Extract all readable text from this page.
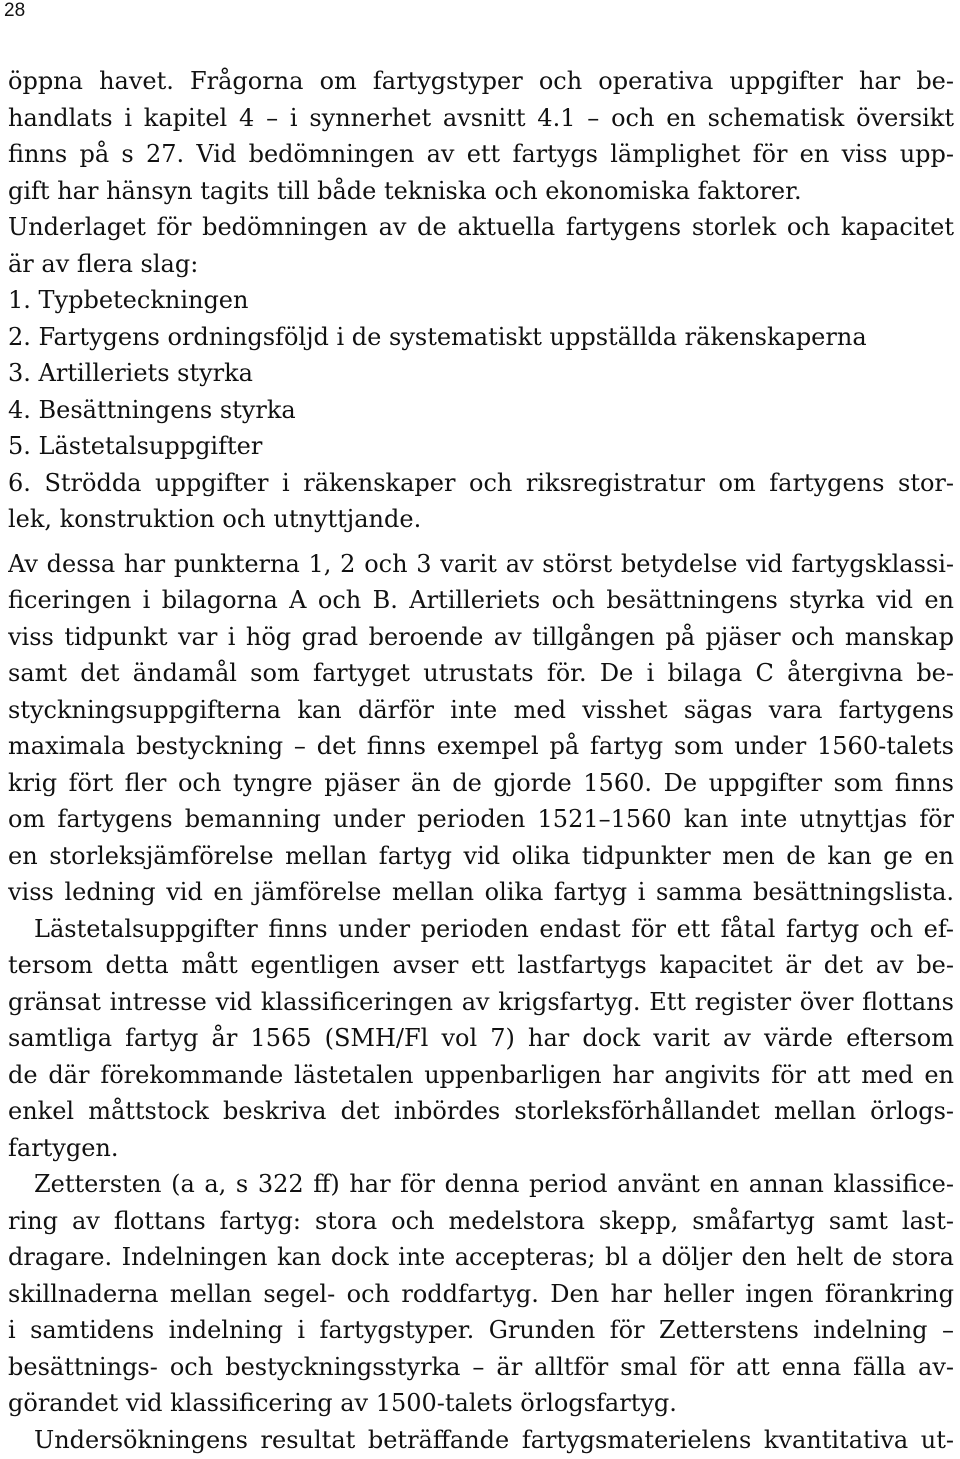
28
öppna havet. Frågorna om fartygstyper och operativa uppgifter har be-
handlats i kapitel 4 – i synnerhet avsnitt 4.1 – och en schematisk översikt
finns på s 27. Vid bedömningen av ett fartygs lämplighet för en viss upp-
gift har hänsyn tagits till både tekniska och ekonomiska faktorer.
Underlaget för bedömningen av de aktuella fartygens storlek och kapacitet
är av flera slag:
1. Typbeteckningen
2. Fartygens ordningsföljd i de systematiskt uppställda räkenskaperna
3. Artilleriets styrka
4. Besättningens styrka
5. Lästetalsuppgifter
6. Strödda uppgifter i räkenskaper och riksregistratur om fartygens stor-
lek, konstruktion och utnyttjande.
Av dessa har punkterna 1, 2 och 3 varit av störst betydelse vid fartygsklassi-
ficeringen i bilagorna A och B. Artilleriets och besättningens styrka vid en
viss tidpunkt var i hög grad beroende av tillgången på pjäser och manskap
samt det ändamål som fartyget utrustats för. De i bilaga C återgivna be-
styckningsuppgifterna kan därför inte med visshet sägas vara fartygens
maximala bestyckning – det finns exempel på fartyg som under 1560-talets
krig fört fler och tyngre pjäser än de gjorde 1560. De uppgifter som finns
om fartygens bemanning under perioden 1521–1560 kan inte utnyttjas för
en storleksjämförelse mellan fartyg vid olika tidpunkter men de kan ge en
viss ledning vid en jämförelse mellan olika fartyg i samma besättningslista.
Lästetalsuppgifter finns under perioden endast för ett fåtal fartyg och ef-
tersom detta mått egentligen avser ett lastfartygs kapacitet är det av be-
gränsat intresse vid klassificeringen av krigsfartyg. Ett register över flottans
samtliga fartyg år 1565 (SMH/Fl vol 7) har dock varit av värde eftersom
de där förekommande lästetalen uppenbarligen har angivits för att med en
enkel måttstock beskriva det inbördes storleksförhållandet mellan örlogs-
fartygen.
Zettersten (a a, s 322 ff) har för denna period använt en annan klassifice-
ring av flottans fartyg: stora och medelstora skepp, småfartyg samt last-
dragare. Indelningen kan dock inte accepteras; bl a döljer den helt de stora
skillnaderna mellan segel- och roddfartyg. Den har heller ingen förankring
i samtidens indelning i fartygstyper. Grunden för Zetterstens indelning –
besättnings- och bestyckningsstyrka – är alltför smal för att enna fälla av-
görandet vid klassificering av 1500-talets örlogsfartyg.
Undersökningens resultat beträffande fartygsmaterielens kvantitativa ut-
